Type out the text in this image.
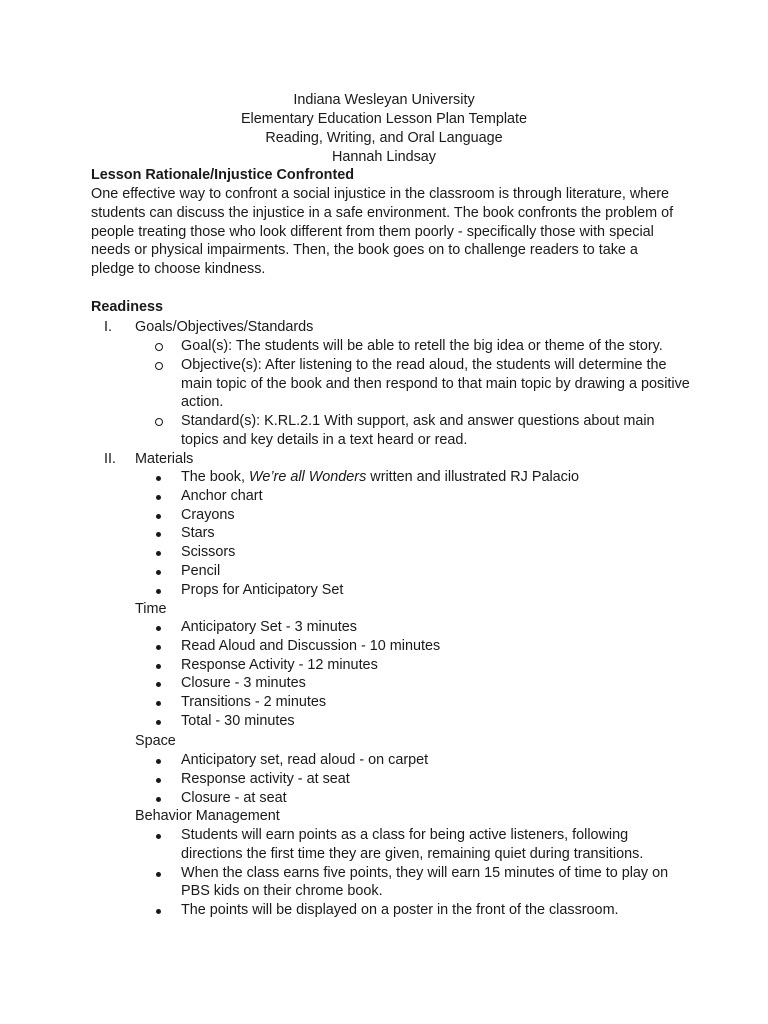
Indiana Wesleyan University
Elementary Education Lesson Plan Template
Reading, Writing, and Oral Language
Hannah Lindsay
Lesson Rationale/Injustice Confronted
One effective way to confront a social injustice in the classroom is through literature, where students can discuss the injustice in a safe environment. The book confronts the problem of people treating those who look different from them poorly - specifically those with special needs or physical impairments. Then, the book goes on to challenge readers to take a pledge to choose kindness.
Readiness
I.	Goals/Objectives/Standards
Goal(s): The students will be able to retell the big idea or theme of the story.
Objective(s): After listening to the read aloud, the students will determine the main topic of the book and then respond to that main topic by drawing a positive action.
Standard(s): K.RL.2.1 With support, ask and answer questions about main topics and key details in a text heard or read.
II.	Materials
The book, We’re all Wonders written and illustrated RJ Palacio
Anchor chart
Crayons
Stars
Scissors
Pencil
Props for Anticipatory Set
Time
Anticipatory Set - 3 minutes
Read Aloud and Discussion - 10 minutes
Response Activity - 12 minutes
Closure - 3 minutes
Transitions - 2 minutes
Total - 30 minutes
Space
Anticipatory set, read aloud - on carpet
Response activity - at seat
Closure - at seat
Behavior Management
Students will earn points as a class for being active listeners, following directions the first time they are given, remaining quiet during transitions.
When the class earns five points, they will earn 15 minutes of time to play on PBS kids on their chrome book.
The points will be displayed on a poster in the front of the classroom.
